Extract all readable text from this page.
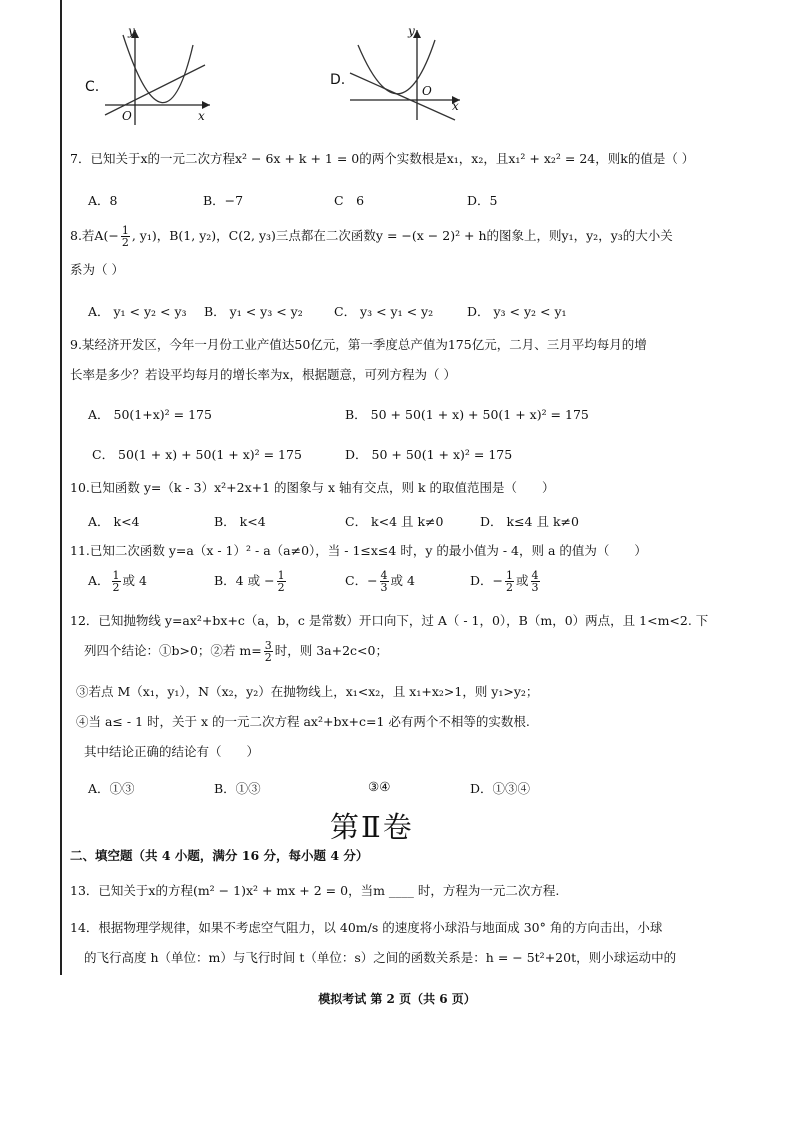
C.
y
O	x
D.
y
O
x
7．已知关于x的一元二次方程x² − 6x + k + 1 = 0的两个实数根是x₁，x₂，且x₁² + x₂² = 24，则k的值是（ ）
A．8	B．−7	C　6	D．5
8.若$A(- \frac{1}{2}$ , y₁)，B(1, y₂)，C(2, y₃)三点都在二次函数y = −(x − 2)² + h的图象上，则y₁，y₂，y₃的大小关
系为（ ）
A． y₁ < y₂ < y₃ B． y₁ < y₃ < y₂	C． y₃ < y₁ < y₂	D． y₃ < y₂ < y₁
9.某经济开发区，今年一月份工业产值达50亿元，第一季度总产值为175亿元，二月、三月平均每月的增
长率是多少？若设平均每月的增长率为x，根据题意，可列方程为（ ）
A． 50(1+x)² = 175	B． 50 + 50(1 + x) + 50(1 + x)² = 175
C． 50(1 + x) + 50(1 + x)² = 175	D． 50 + 50(1 + x)² = 175
10.已知函数 y=（k - 3）x²+2x+1 的图象与 x 轴有交点，则 k 的取值范围是（　　）
A． k<4	B． k<4	C． k<4 且 k≠0	D． k≤4 且 k≠0
11.已知二次函数 y=a（x - 1）² - a（a≠0），当 - 1≤x≤4 时，y 的最小值为 - 4，则 a 的值为（　　）
A． $\frac{1}{2}$ 或 4	B．4 或 − $\frac{1}{2}$	C．− $\frac{4}{3}$ 或 4	D．− $\frac{1}{2}$ 或 $\frac{4}{3}$
12．已知抛物线 y=ax²+bx+c（a，b，c 是常数）开口向下，过 A（ - 1，0），B（m，0）两点，且 1<m<2. 下
列四个结论：①b>0；②若 $m= \frac{3}{2}$ 时，则 3a+2c<0；
③若点 M（x₁，y₁），N（x₂，y₂）在抛物线上，x₁<x₂，且 x₁+x₂>1，则 y₁>y₂；
④当 a≤ - 1 时，关于 x 的一元二次方程 ax²+bx+c=1 必有两个不相等的实数根.
其中结论正确的结论有（　　）
A．①③	B．①③	③④	D．①③④
第Ⅱ卷
二、填空题（共 4 小题，满分 16 分，每小题 4 分）
13．已知关于x的方程(m² − 1)x² + mx + 2 = 0，当m ____ 时，方程为一元二次方程.
14．根据物理学规律，如果不考虑空气阻力，以 40m/s 的速度将小球沿与地面成 30° 角的方向击出，小球
的飞行高度 h（单位：m）与飞行时间 t（单位：s）之间的函数关系是：h = − 5t²+20t，则小球运动中的
模拟考试 第 2 页（共 6 页）
